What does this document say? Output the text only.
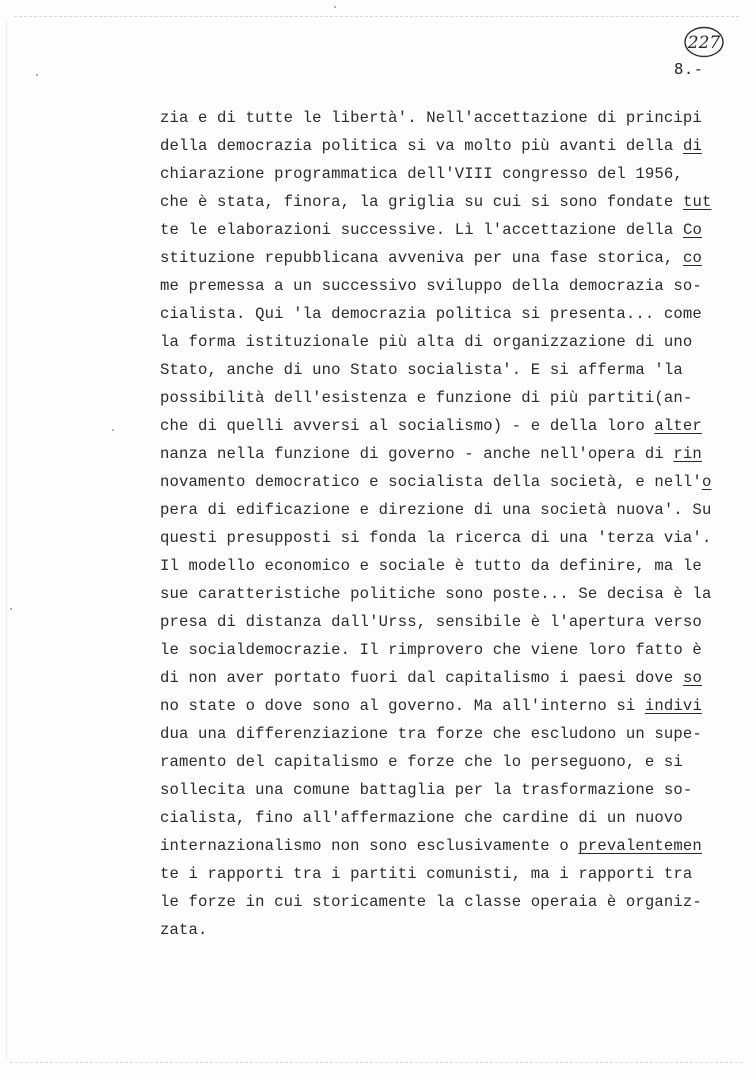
227
8.-
zia e di tutte le libertà'. Nell'accettazione di principi
della democrazia politica si va molto più avanti della di
chiarazione programmatica dell'VIII congresso del 1956,
che è stata, finora, la griglia su cui si sono fondate tut
te le elaborazioni successive. Lì l'accettazione della Co
stituzione repubblicana avveniva per una fase storica, co
me premessa a un successivo sviluppo della democrazia so-
cialista. Qui 'la democrazia politica si presenta... come
la forma istituzionale più alta di organizzazione di uno
Stato, anche di uno Stato socialista'. E si afferma 'la
possibilità dell'esistenza e funzione di più partiti(an-
che di quelli avversi al socialismo) - e della loro alter
nanza nella funzione di governo - anche nell'opera di rin
novamento democratico e socialista della società, e nell'o
pera di edificazione e direzione di una società nuova'. Su
questi presupposti si fonda la ricerca di una 'terza via'.
Il modello economico e sociale è tutto da definire, ma le
sue caratteristiche politiche sono poste... Se decisa è la
presa di distanza dall'Urss, sensibile è l'apertura verso
le socialdemocrazie. Il rimprovero che viene loro fatto è
di non aver portato fuori dal capitalismo i paesi dove so
no state o dove sono al governo. Ma all'interno si indivi
dua una differenziazione tra forze che escludono un supe-
ramento del capitalismo e forze che lo perseguono, e si
sollecita una comune battaglia per la trasformazione so-
cialista, fino all'affermazione che cardine di un nuovo
internazionalismo non sono esclusivamente o prevalentemen
te i rapporti tra i partiti comunisti, ma i rapporti tra
le forze in cui storicamente la classe operaia è organiz-
zata.
